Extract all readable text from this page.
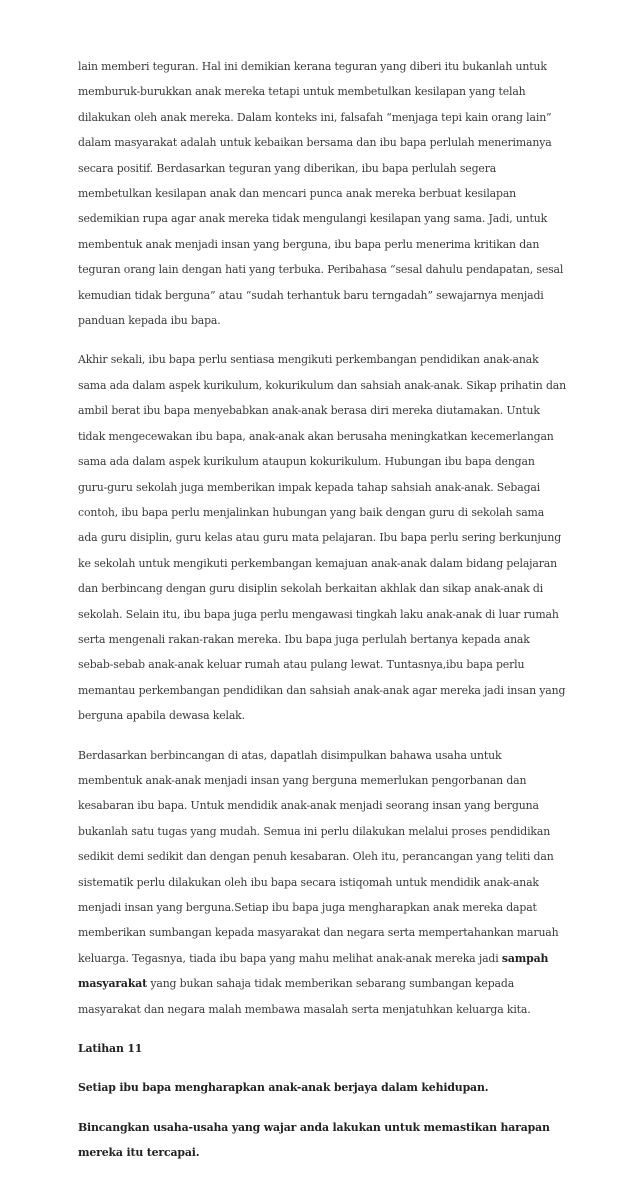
lain memberi teguran. Hal ini demikian kerana teguran yang diberi itu bukanlah untuk memburuk-burukkan anak mereka tetapi untuk membetulkan kesilapan yang telah dilakukan oleh anak mereka. Dalam konteks ini, falsafah “menjaga tepi kain orang lain” dalam masyarakat adalah untuk kebaikan bersama dan ibu bapa perlulah menerimanya secara positif. Berdasarkan teguran yang diberikan, ibu bapa perlulah segera membetulkan kesilapan anak dan mencari punca anak mereka berbuat kesilapan sedemikian rupa agar anak mereka tidak mengulangi kesilapan yang sama. Jadi, untuk membentuk anak menjadi insan yang berguna, ibu bapa perlu menerima kritikan dan teguran orang lain dengan hati yang terbuka. Peribahasa “sesal dahulu pendapatan, sesal kemudian tidak berguna” atau “sudah terhantuk baru terngadah” sewajarnya menjadi panduan kepada ibu bapa.

Akhir sekali, ibu bapa perlu sentiasa mengikuti perkembangan pendidikan anak-anak sama ada dalam aspek kurikulum, kokurikulum dan sahsiah anak-anak. Sikap prihatin dan ambil berat ibu bapa menyebabkan anak-anak berasa diri mereka diutamakan. Untuk tidak mengecewakan ibu bapa, anak-anak akan berusaha meningkatkan kecemerlangan sama ada dalam aspek kurikulum ataupun kokurikulum. Hubungan ibu bapa dengan guru-guru sekolah juga memberikan impak kepada tahap sahsiah anak-anak. Sebagai contoh, ibu bapa perlu menjalinkan hubungan yang baik dengan guru di sekolah sama ada guru disiplin, guru kelas atau guru mata pelajaran. Ibu bapa perlu sering berkunjung ke sekolah untuk mengikuti perkembangan kemajuan anak-anak dalam bidang pelajaran dan berbincang dengan guru disiplin sekolah berkaitan akhlak dan sikap anak-anak di sekolah. Selain itu, ibu bapa juga perlu mengawasi tingkah laku anak-anak di luar rumah serta mengenali rakan-rakan mereka. Ibu bapa juga perlulah bertanya kepada anak sebab-sebab anak-anak keluar rumah atau pulang lewat. Tuntasnya,ibu bapa perlu memantau perkembangan pendidikan dan sahsiah anak-anak agar mereka jadi insan yang berguna apabila dewasa kelak.

Berdasarkan berbincangan di atas, dapatlah disimpulkan bahawa usaha untuk membentuk anak-anak menjadi insan yang berguna memerlukan pengorbanan dan kesabaran ibu bapa. Untuk mendidik anak-anak menjadi seorang insan yang berguna bukanlah satu tugas yang mudah. Semua ini perlu dilakukan melalui proses pendidikan sedikit demi sedikit dan dengan penuh kesabaran. Oleh itu, perancangan yang teliti dan sistematik perlu dilakukan oleh ibu bapa secara istiqomah untuk mendidik anak-anak menjadi insan yang berguna.Setiap ibu bapa juga mengharapkan anak mereka dapat memberikan sumbangan kepada masyarakat dan negara serta mempertahankan maruah keluarga. Tegasnya, tiada ibu bapa yang mahu melihat anak-anak mereka jadi sampah masyarakat yang bukan sahaja tidak memberikan sebarang sumbangan kepada masyarakat dan negara malah membawa masalah serta menjatuhkan keluarga kita.

Latihan 11

Setiap ibu bapa mengharapkan anak-anak berjaya dalam kehidupan.

Bincangkan usaha-usaha yang wajar anda lakukan untuk memastikan harapan mereka itu tercapai.
